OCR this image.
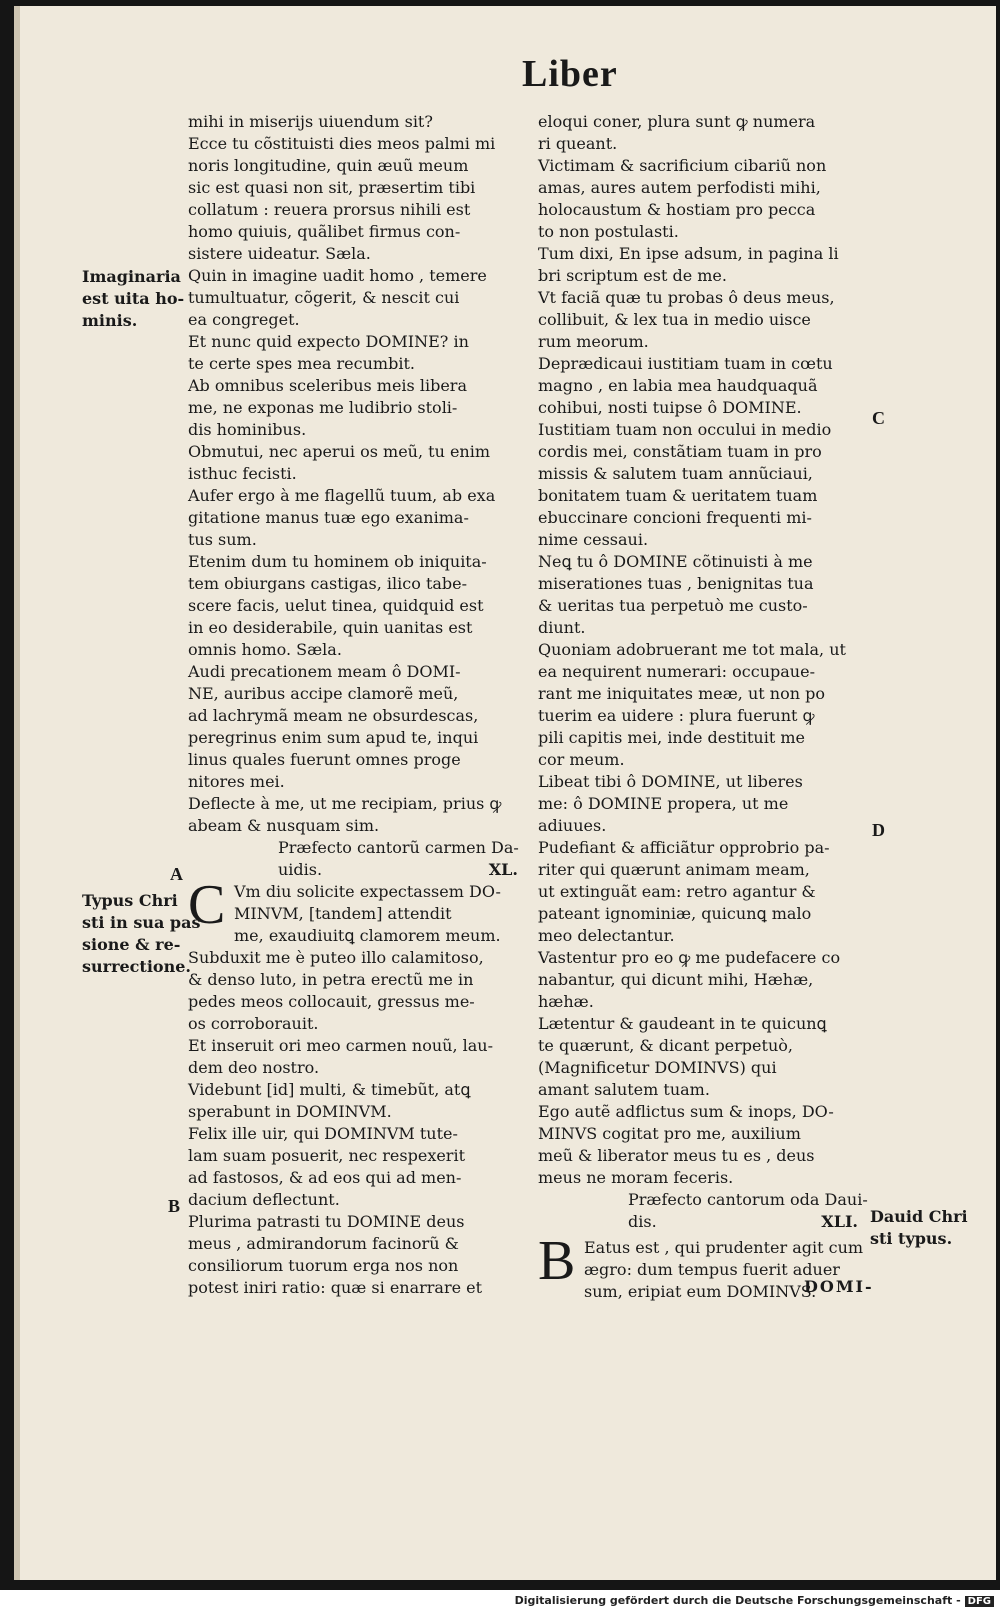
Liber
mihi in miserijs uiuendum sit?
Ecce tu cõstituisti dies meos palmi mi
noris longitudine, quin æuũ meum
sic est quasi non sit, præsertim tibi
collatum : reuera prorsus nihili est
homo quiuis, quãlibet firmus con-
sistere uideatur. Sæla.
Quin in imagine uadit homo , temere
tumultuatur, cõgerit, & nescit cui
ea congreget.
Et nunc quid expecto DOMINE? in
te certe spes mea recumbit.
Ab omnibus sceleribus meis libera
me, ne exponas me ludibrio stoli-
dis hominibus.
Obmutui, nec aperui os meũ, tu enim
isthuc fecisti.
Aufer ergo à me flagellũ tuum, ab exa
gitatione manus tuæ ego exanima-
tus sum.
Etenim dum tu hominem ob iniquita-
tem obiurgans castigas, ilico tabe-
scere facis, uelut tinea, quidquid est
in eo desiderabile, quin uanitas est
omnis homo. Sæla.
Audi precationem meam ô DOMI-
NE, auribus accipe clamorẽ meũ,
ad lachrymã meam ne obsurdescas,
peregrinus enim sum apud te, inqui
linus quales fuerunt omnes proge
nitores mei.
Deflecte à me, ut me recipiam, prius ꝙ
abeam & nusquam sim.
Præfecto cantorũ carmen Da-
uidis.	XL.
C Vm diu solicite expectassem DO-
MINVM, [tandem] attendit
me, exaudiuitꝗ clamorem meum.
Subduxit me è puteo illo calamitoso,
& denso luto, in petra erectũ me in
pedes meos collocauit, gressus me-
os corroborauit.
Et inseruit ori meo carmen nouũ, lau-
dem deo nostro.
Videbunt [id] multi, & timebũt, atꝗ
sperabunt in DOMINVM.
Felix ille uir, qui DOMINVM tute-
lam suam posuerit, nec respexerit
ad fastosos, & ad eos qui ad men-
dacium deflectunt.
Plurima patrasti tu DOMINE deus
meus , admirandorum facinorũ &
consiliorum tuorum erga nos non
potest iniri ratio: quæ si enarrare et
eloqui coner, plura sunt ꝙ numera
ri queant.
Victimam & sacrificium cibariũ non
amas, aures autem perfodisti mihi,
holocaustum & hostiam pro pecca
to non postulasti.
Tum dixi, En ipse adsum, in pagina li
bri scriptum est de me.
Vt faciã quæ tu probas ô deus meus,
collibuit, & lex tua in medio uisce
rum meorum.
Deprædicaui iustitiam tuam in cœtu
magno , en labia mea haudquaquã
cohibui, nosti tuipse ô DOMINE.
Iustitiam tuam non occului in medio
cordis mei, constãtiam tuam in pro
missis & salutem tuam annũciaui,
bonitatem tuam & ueritatem tuam
ebuccinare concioni frequenti mi-
nime cessaui.
Neꝗ tu ô DOMINE cõtinuisti à me
miserationes tuas , benignitas tua
& ueritas tua perpetuò me custo-
diunt.
Quoniam adobruerant me tot mala, ut
ea nequirent numerari: occupaue-
rant me iniquitates meæ, ut non po
tuerim ea uidere : plura fuerunt ꝙ
pili capitis mei, inde destituit me
cor meum.
Libeat tibi ô DOMINE, ut liberes
me: ô DOMINE propera, ut me
adiuues.
Pudefiant & afficiãtur opprobrio pa-
riter qui quærunt animam meam,
ut extinguãt eam: retro agantur &
pateant ignominiæ, quicunꝗ malo
meo delectantur.
Vastentur pro eo ꝙ me pudefacere co
nabantur, qui dicunt mihi, Hæhæ,
hæhæ.
Lætentur & gaudeant in te quicunꝗ
te quærunt, & dicant perpetuò,
(Magnificetur DOMINVS) qui
amant salutem tuam.
Ego autẽ adflictus sum & inops, DO-
MINVS cogitat pro me, auxilium
meũ & liberator meus tu es , deus
meus ne moram feceris.
Præfecto cantorum oda Daui-
dis.	XLI.
B Eatus est , qui prudenter agit cum
ægro: dum tempus fuerit aduer
sum, eripiat eum DOMINVS.
Imaginaria
est uita ho-
minis.
Typus Chri
sti in sua pas
sione & re-
surrectione.
Dauid Chri
sti typus.
A
B
C
D
DOMI-
Digitalisierung gefördert durch die Deutsche Forschungsgemeinschaft - DFG
